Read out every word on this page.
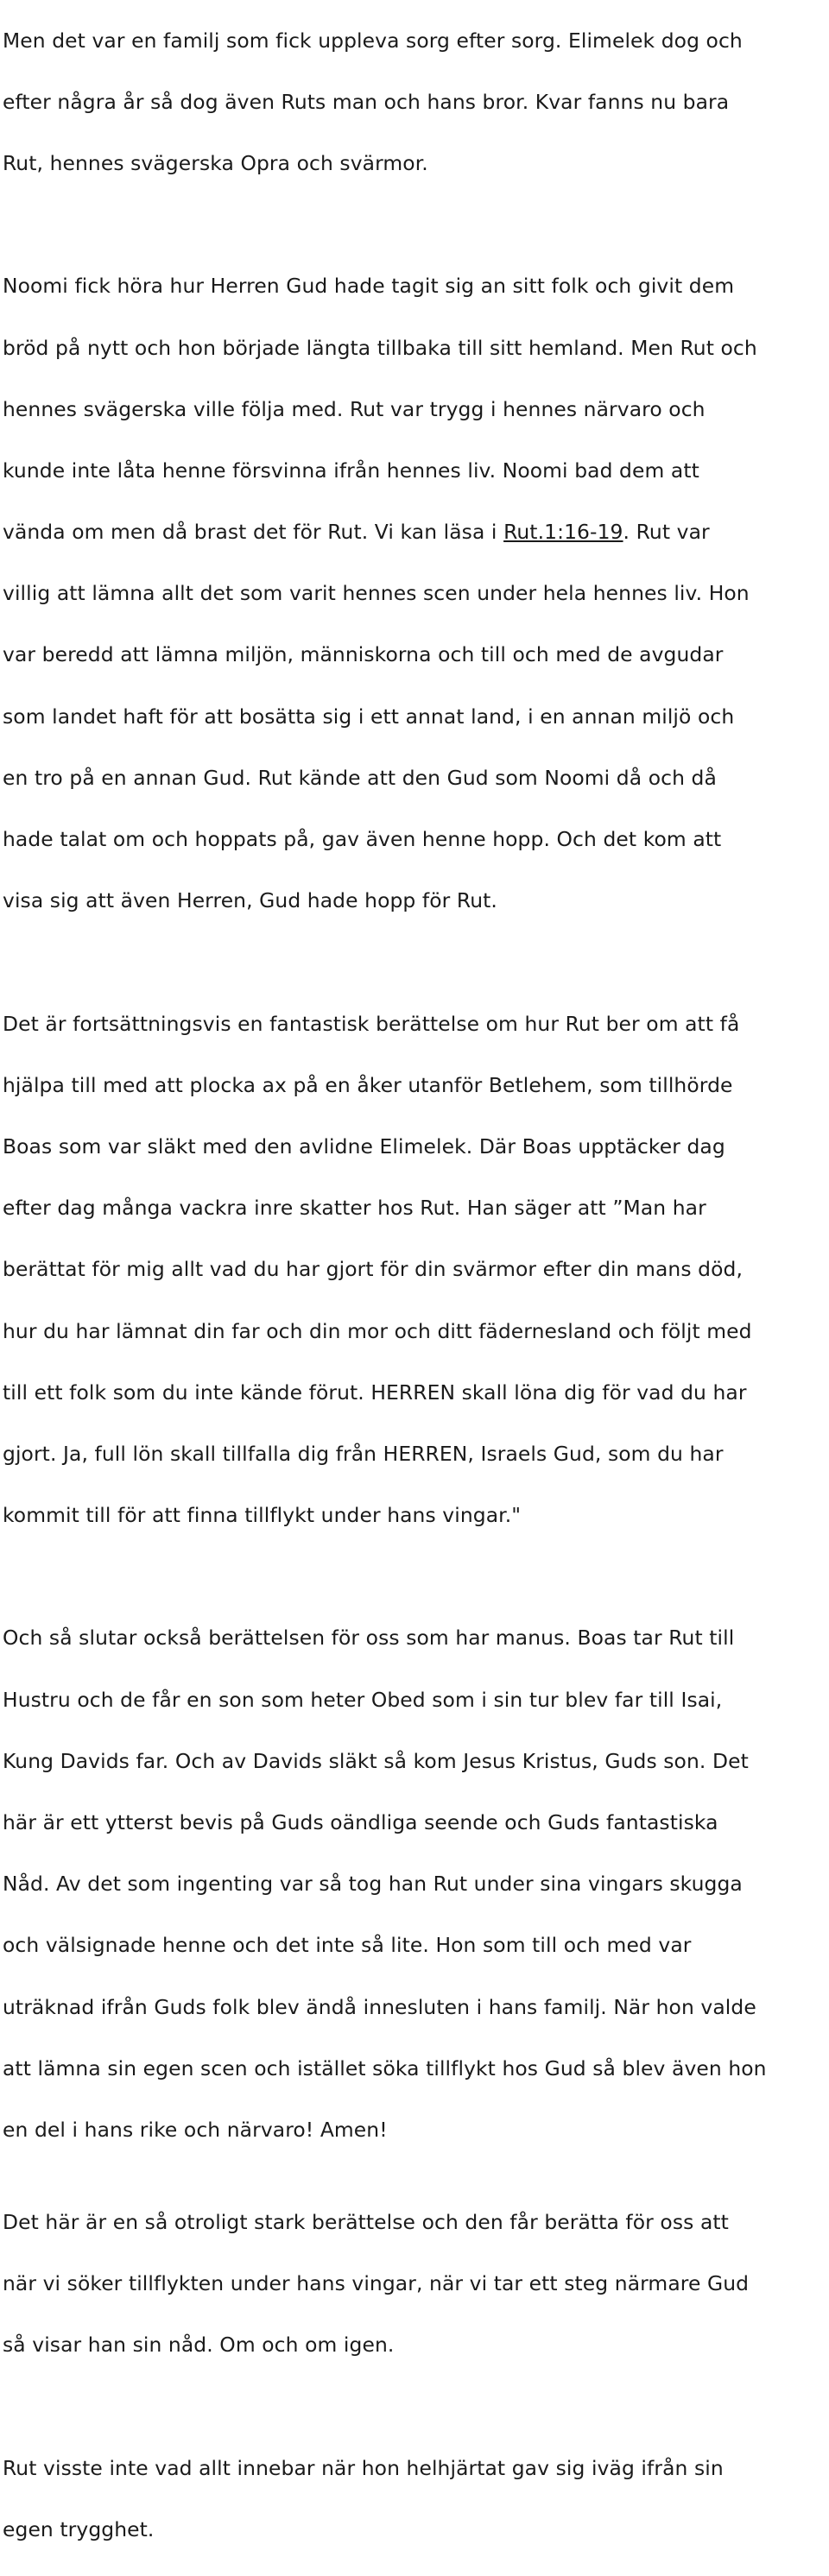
Men det var en familj som fick uppleva sorg efter sorg. Elimelek dog och

efter några år så dog även Ruts man och hans bror. Kvar fanns nu bara

Rut, hennes svägerska Opra och svärmor.

Noomi fick höra hur Herren Gud hade tagit sig an sitt folk och givit dem

bröd på nytt och hon började längta tillbaka till sitt hemland. Men Rut och

hennes svägerska ville följa med. Rut var trygg i hennes närvaro och

kunde inte låta henne försvinna ifrån hennes liv. Noomi bad dem att

vända om men då brast det för Rut. Vi kan läsa i Rut.1:16-19. Rut var

villig att lämna allt det som varit hennes scen under hela hennes liv. Hon

var beredd att lämna miljön, människorna och till och med de avgudar

som landet haft för att bosätta sig i ett annat land, i en annan miljö och

en tro på en annan Gud. Rut kände att den Gud som Noomi då och då

hade talat om och hoppats på, gav även henne hopp. Och det kom att

visa sig att även Herren, Gud hade hopp för Rut.

Det är fortsättningsvis en fantastisk berättelse om hur Rut ber om att få

hjälpa till med att plocka ax på en åker utanför Betlehem, som tillhörde

Boas som var släkt med den avlidne Elimelek. Där Boas upptäcker dag

efter dag många vackra inre skatter hos Rut. Han säger att ”Man har

berättat för mig allt vad du har gjort för din svärmor efter din mans död,

hur du har lämnat din far och din mor och ditt fädernesland och följt med

till ett folk som du inte kände förut. HERREN skall löna dig för vad du har

gjort. Ja, full lön skall tillfalla dig från HERREN, Israels Gud, som du har

kommit till för att finna tillflykt under hans vingar."

Och så slutar också berättelsen för oss som har manus. Boas tar Rut till

Hustru och de får en son som heter Obed som i sin tur blev far till Isai,

Kung Davids far. Och av Davids släkt så kom Jesus Kristus, Guds son. Det

här är ett ytterst bevis på Guds oändliga seende och Guds fantastiska

Nåd. Av det som ingenting var så tog han Rut under sina vingars skugga

och välsignade henne och det inte så lite. Hon som till och med var

uträknad ifrån Guds folk blev ändå innesluten i hans familj. När hon valde

att lämna sin egen scen och istället söka tillflykt hos Gud så blev även hon

en del i hans rike och närvaro! Amen!

Det här är en så otroligt stark berättelse och den får berätta för oss att

när vi söker tillflykten under hans vingar, när vi tar ett steg närmare Gud

så visar han sin nåd. Om och om igen.

Rut visste inte vad allt innebar när hon helhjärtat gav sig iväg ifrån sin

egen trygghet.
